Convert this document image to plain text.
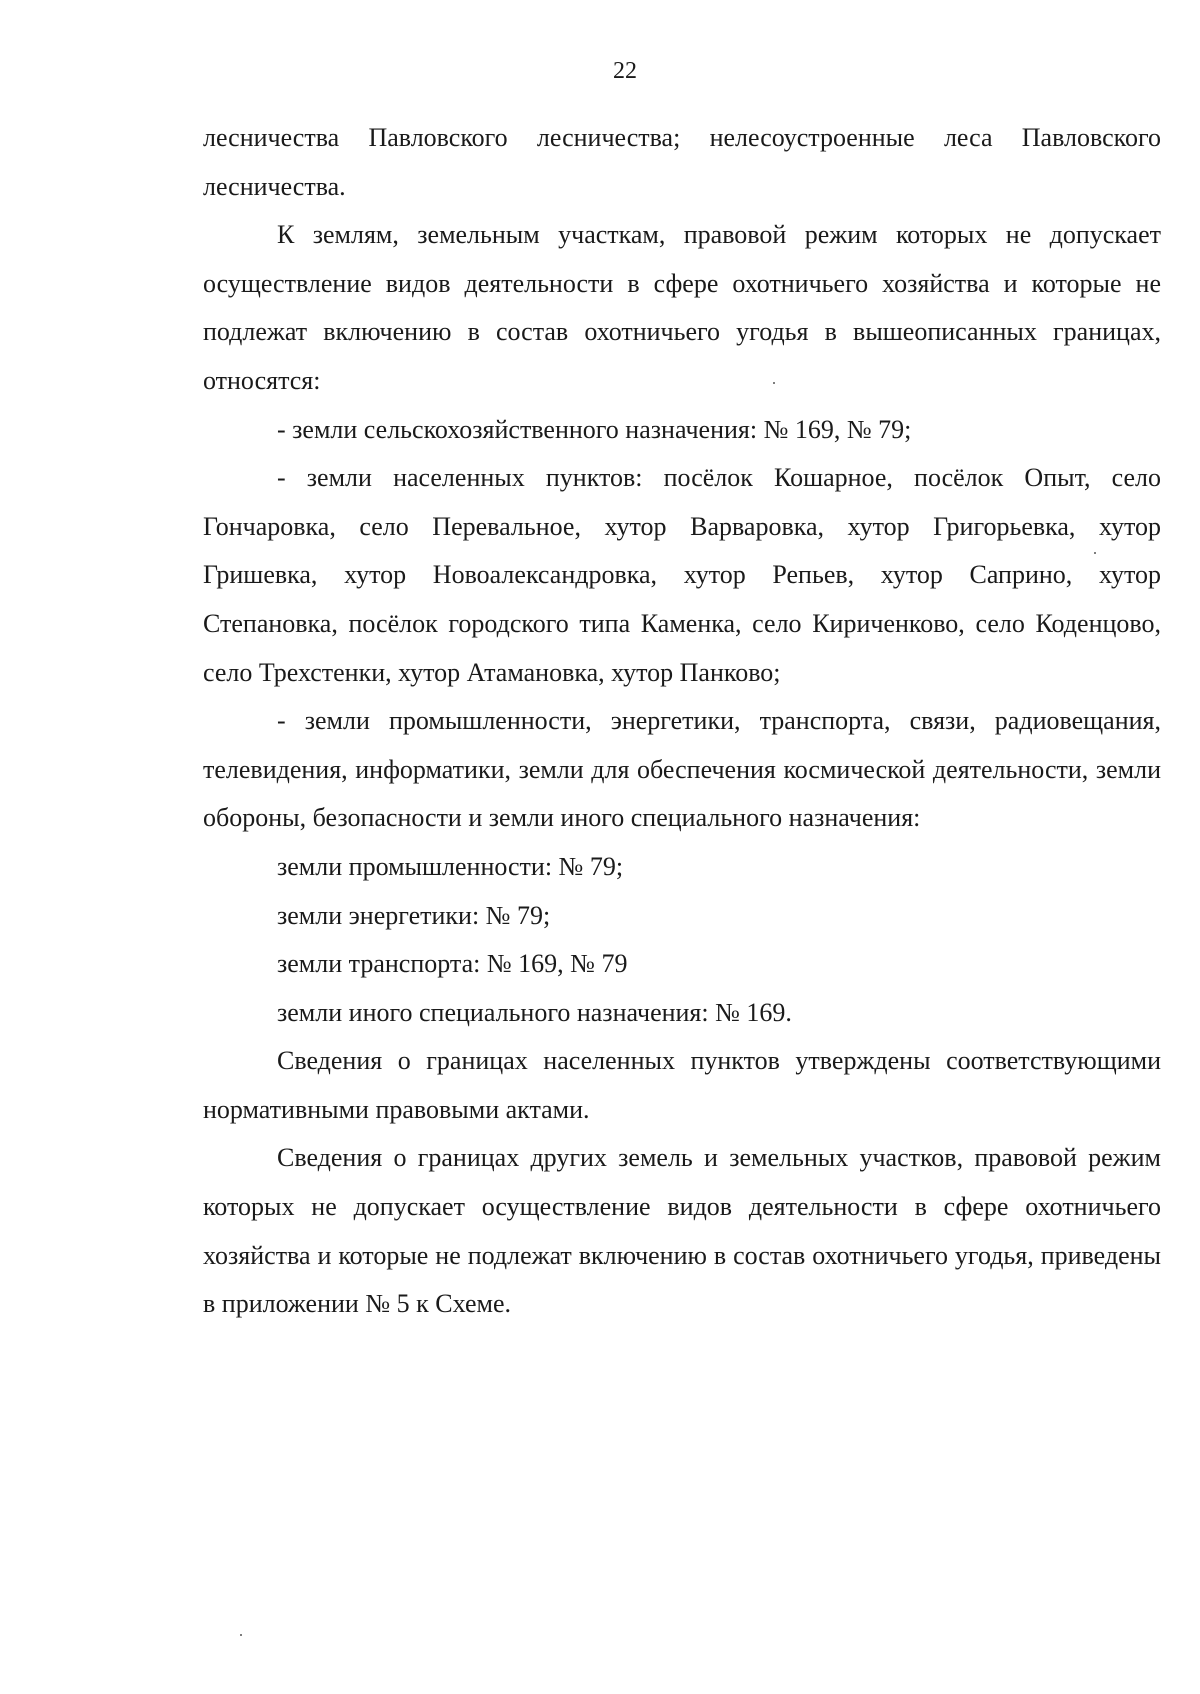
22

лесничества Павловского лесничества; нелесоустроенные леса Павловского лесничества.

К землям, земельным участкам, правовой режим которых не допускает осуществление видов деятельности в сфере охотничьего хозяйства и которые не подлежат включению в состав охотничьего угодья в вышеописанных границах, относятся:

- земли сельскохозяйственного назначения: № 169, № 79;

- земли населенных пунктов: посёлок Кошарное, посёлок Опыт, село Гончаровка, село Перевальное, хутор Варваровка, хутор Григорьевка, хутор Гришевка, хутор Новоалександровка, хутор Репьев, хутор Саприно, хутор Степановка, посёлок городского типа Каменка, село Кириченково, село Коденцово, село Трехстенки, хутор Атамановка, хутор Панково;

- земли промышленности, энергетики, транспорта, связи, радиовещания, телевидения, информатики, земли для обеспечения космической деятельности, земли обороны, безопасности и земли иного специального назначения:

земли промышленности: № 79;

земли энергетики: № 79;

земли транспорта: № 169, № 79

земли иного специального назначения: № 169.

Сведения о границах населенных пунктов утверждены соответствующими нормативными правовыми актами.

Сведения о границах других земель и земельных участков, правовой режим которых не допускает осуществление видов деятельности в сфере охотничьего хозяйства и которые не подлежат включению в состав охотничьего угодья, приведены в приложении № 5 к Схеме.
